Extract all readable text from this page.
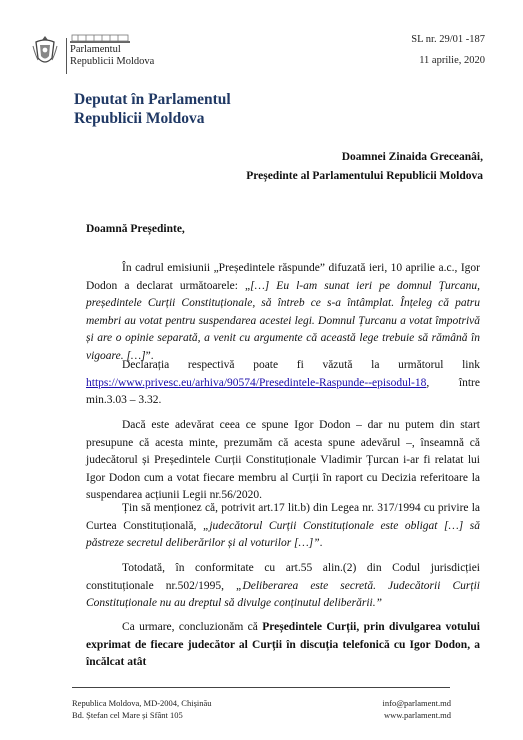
Parlamentul
Republicii Moldova
SL nr. 29/01 -187
11 aprilie, 2020
Deputat în Parlamentul
Republicii Moldova
Doamnei Zinaida Greceanâi,
Președinte al Parlamentului Republicii Moldova
Doamnă Președinte,

În cadrul emisiunii „Președintele răspunde” difuzată ieri, 10 aprilie a.c., Igor Dodon a declarat următoarele: „[…] Eu l-am sunat ieri pe domnul Țurcanu, președintele Curții Constituționale, să întreb ce s-a întâmplat. Înțeleg că patru membri au votat pentru suspendarea acestei legi. Domnul Țurcanu a votat împotrivă și are o opinie separată, a venit cu argumente că această lege trebuie să rămână în vigoare. […]”.

Declarația respectivă poate fi văzută la următorul link

https://www.privesc.eu/arhiva/90574/Presedintele-Raspunde--episodul-18, între min.3.03 – 3.32.

Dacă este adevărat ceea ce spune Igor Dodon – dar nu putem din start presupune că acesta minte, prezumăm că acesta spune adevărul –, înseamnă că judecătorul și Președintele Curții Constituționale Vladimir Țurcan i-ar fi relatat lui Igor Dodon cum a votat fiecare membru al Curții în raport cu Decizia referitoare la suspendarea acțiunii Legii nr.56/2020.

Țin să menționez că, potrivit art.17 lit.b) din Legea nr. 317/1994 cu privire la Curtea Constituțională, „judecătorul Curții Constituționale este obligat […] să păstreze secretul deliberărilor și al voturilor […]”.

Totodată, în conformitate cu art.55 alin.(2) din Codul jurisdicției constituționale nr.502/1995, „Deliberarea este secretă. Judecătorii Curții Constituționale nu au dreptul să divulge conținutul deliberării.”

Ca urmare, concluzionăm că Președintele Curții, prin divulgarea votului exprimat de fiecare judecător al Curții în discuția telefonică cu Igor Dodon, a încălcat atât

Republica Moldova, MD-2004, Chișinău
Bd. Ștefan cel Mare și Sfânt 105
info@parlament.md
www.parlament.md
